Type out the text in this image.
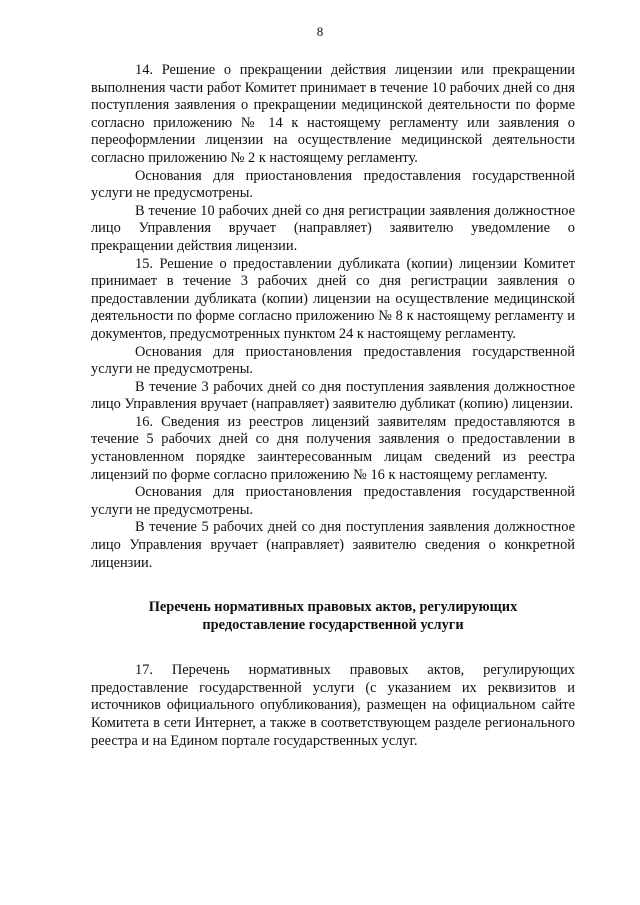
8

14. Решение о прекращении действия лицензии или прекращении выполнения части работ Комитет принимает в течение 10 рабочих дней со дня поступления заявления о прекращении медицинской деятельности по форме согласно приложению № 14 к настоящему регламенту или заявления о переоформлении лицензии на осуществление медицинской деятельности согласно приложению № 2 к настоящему регламенту.

Основания для приостановления предоставления государственной услуги не предусмотрены.

В течение 10 рабочих дней со дня регистрации заявления должностное лицо Управления вручает (направляет) заявителю уведомление о прекращении действия лицензии.

15. Решение о предоставлении дубликата (копии) лицензии Комитет принимает в течение 3 рабочих дней со дня регистрации заявления о предоставлении дубликата (копии) лицензии на осуществление медицинской деятельности по форме согласно приложению № 8 к настоящему регламенту и документов, предусмотренных пунктом 24 к настоящему регламенту.

Основания для приостановления предоставления государственной услуги не предусмотрены.

В течение 3 рабочих дней со дня поступления заявления должностное лицо Управления вручает (направляет) заявителю дубликат (копию) лицензии.

16. Сведения из реестров лицензий заявителям предоставляются в течение 5 рабочих дней со дня получения заявления о предоставлении в установленном порядке заинтересованным лицам сведений из реестра лицензий по форме согласно приложению № 16 к настоящему регламенту.

Основания для приостановления предоставления государственной услуги не предусмотрены.

В течение 5 рабочих дней со дня поступления заявления должностное лицо Управления вручает (направляет) заявителю сведения о конкретной лицензии.

Перечень нормативных правовых актов, регулирующих
предоставление государственной услуги

17. Перечень нормативных правовых актов, регулирующих предоставление государственной услуги (с указанием их реквизитов и источников официального опубликования), размещен на официальном сайте Комитета в сети Интернет, а также в соответствующем разделе регионального реестра и на Едином портале государственных услуг.
